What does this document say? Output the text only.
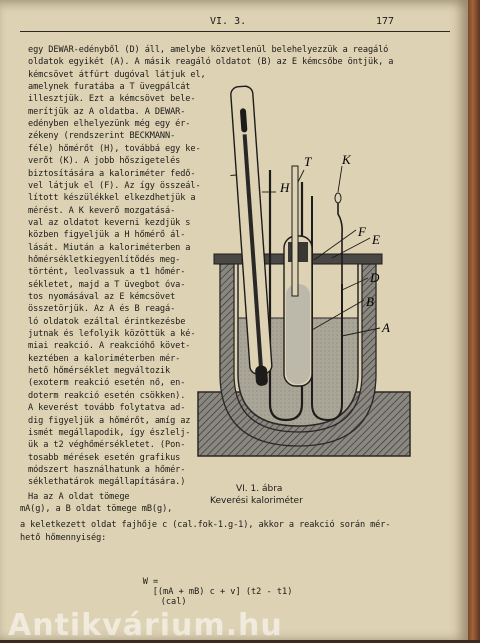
VI. 3.	177
egy DEWAR-edényből (D) áll, amelybe közvetlenül belehelyezzük a reagáló
oldatok egyikét (A). A másik reagáló oldatot (B) az E kémcsőbe öntjük, a
kémcsövet átfúrt dugóval látjuk el,
amelynek furatába a T üvegpálcát
illesztjük. Ezt a kémcsövet bele-
merítjük az A oldatba. A DEWAR-
edényben elhelyezünk még egy ér-
zékeny (rendszerint BECKMANN-
féle) hőmérőt (H), továbbá egy ke-
verőt (K). A jobb hőszigetelés
biztosítására a kaloriméter fedő-
vel látjuk el (F). Az így összeál-
lított készülékkel elkezdhetjük a
mérést. A K keverő mozgatásá-
val az oldatot keverni kezdjük s
közben figyeljük a H hőmérő ál-
lását. Miután a kaloriméterben a
hőmérsékletkiegyenlítődés meg-
történt, leolvassuk a t1 hőmér-
sékletet, majd a T üvegbot óva-
tos nyomásával az E kémcsövet
összetörjük. Az A és B reagá-
ló oldatok ezáltal érintkezésbe
jutnak és lefolyik közöttük a ké-
miai reakció. A reakcióhő követ-
keztében a kaloriméterben mér-
hető hőmérséklet megváltozik
(exoterm reakció esetén nő, en-
doterm reakció esetén csökken).
A keverést tovább folytatva ad-
dig figyeljük a hőmérőt, amíg az
ismét megállapodik, így észlelj-
ük a t2 véghőmérsékletet. (Pon-
tosabb mérések esetén grafikus
módszert használhatunk a hőmér-
séklethatárok megállapítására.)
Ha az A oldat tömege
mA(g), a B oldat tömege mB(g),
a keletkezett oldat fajhője c (cal.fok-1.g-1), akkor a reakció során mér-
hető hőmennyiség:
H
T K
F
E
D
B
A
VI. 1. ábra
Keverési kaloriméter

W =
[(mA + mB) c + v] (t2 - t1)
(cal)

Antikvárium.hu
